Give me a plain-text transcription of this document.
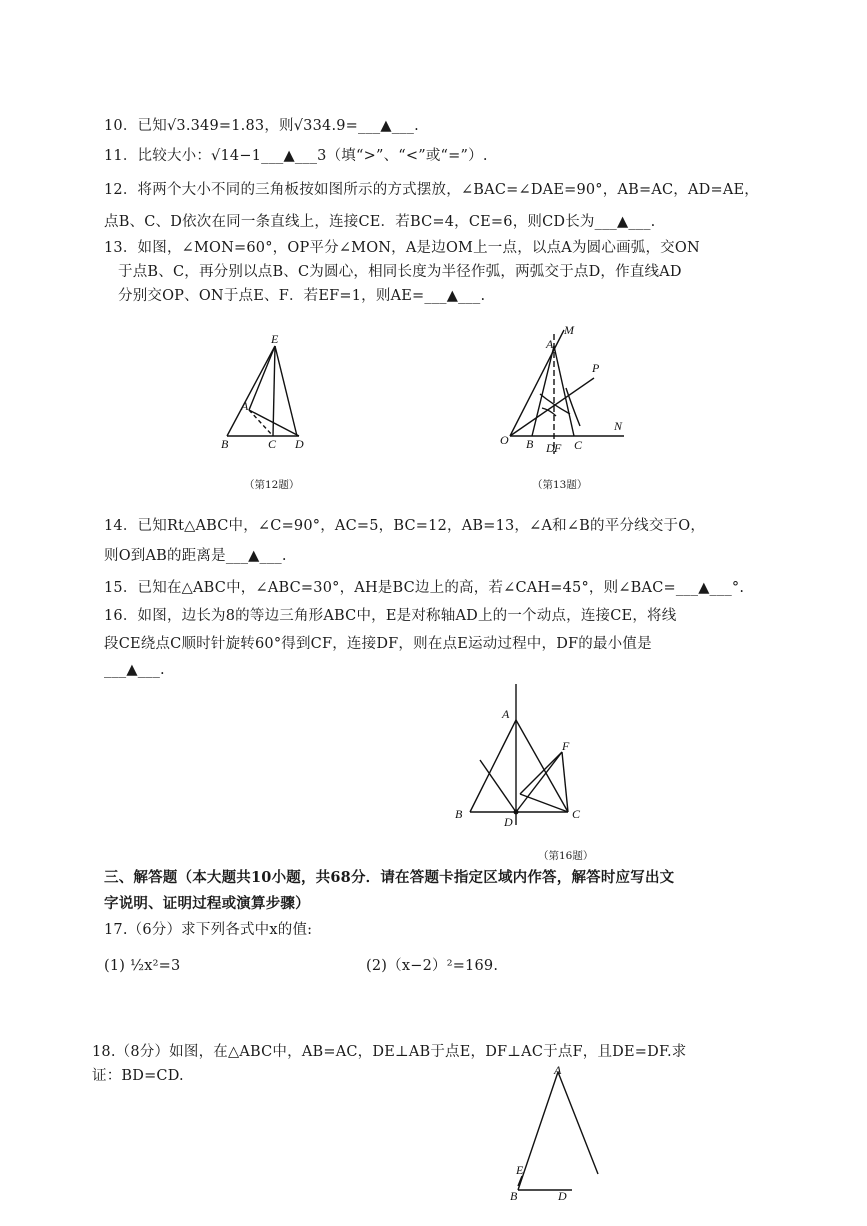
10．已知√3.349=1.83，则√334.9=___▲___.
11．比较大小：√14−1___▲___3（填“>”、“<”或“=”）.
12．将两个大小不同的三角板按如图所示的方式摆放，∠BAC=∠DAE=90°，AB=AC，AD=AE，
点B、C、D依次在同一条直线上，连接CE．若BC=4，CE=6，则CD长为___▲___.
13．如图，∠MON=60°，OP平分∠MON，A是边OM上一点，以点A为圆心画弧，交ON
于点B、C，再分别以点B、C为圆心，相同长度为半径作弧，两弧交于点D，作直线AD
分别交OP、ON于点E、F．若EF=1，则AE=___▲___.
E
A
B	C D
（第12题）
M
A
P
N
O B D F C
（第13题）
14．已知Rt△ABC中，∠C=90°，AC=5，BC=12，AB=13，∠A和∠B的平分线交于O，
则O到AB的距离是___▲___.
15．已知在△ABC中，∠ABC=30°，AH是BC边上的高，若∠CAH=45°，则∠BAC=___▲___°.
16．如图，边长为8的等边三角形ABC中，E是对称轴AD上的一个动点，连接CE，将线
段CE绕点C顺时针旋转60°得到CF，连接DF，则在点E运动过程中，DF的最小值是
___▲___.
A
F
B
D
C
（第16题）
三、解答题（本大题共10小题，共68分．请在答题卡指定区域内作答，解答时应写出文
字说明、证明过程或演算步骤）
17.（6分）求下列各式中x的值:
(1) ½x²=3	(2)（x−2）²=169.
18.（8分）如图，在△ABC中，AB=AC，DE⊥AB于点E，DF⊥AC于点F，且DE=DF.求
证：BD=CD.	A
E
B	D
